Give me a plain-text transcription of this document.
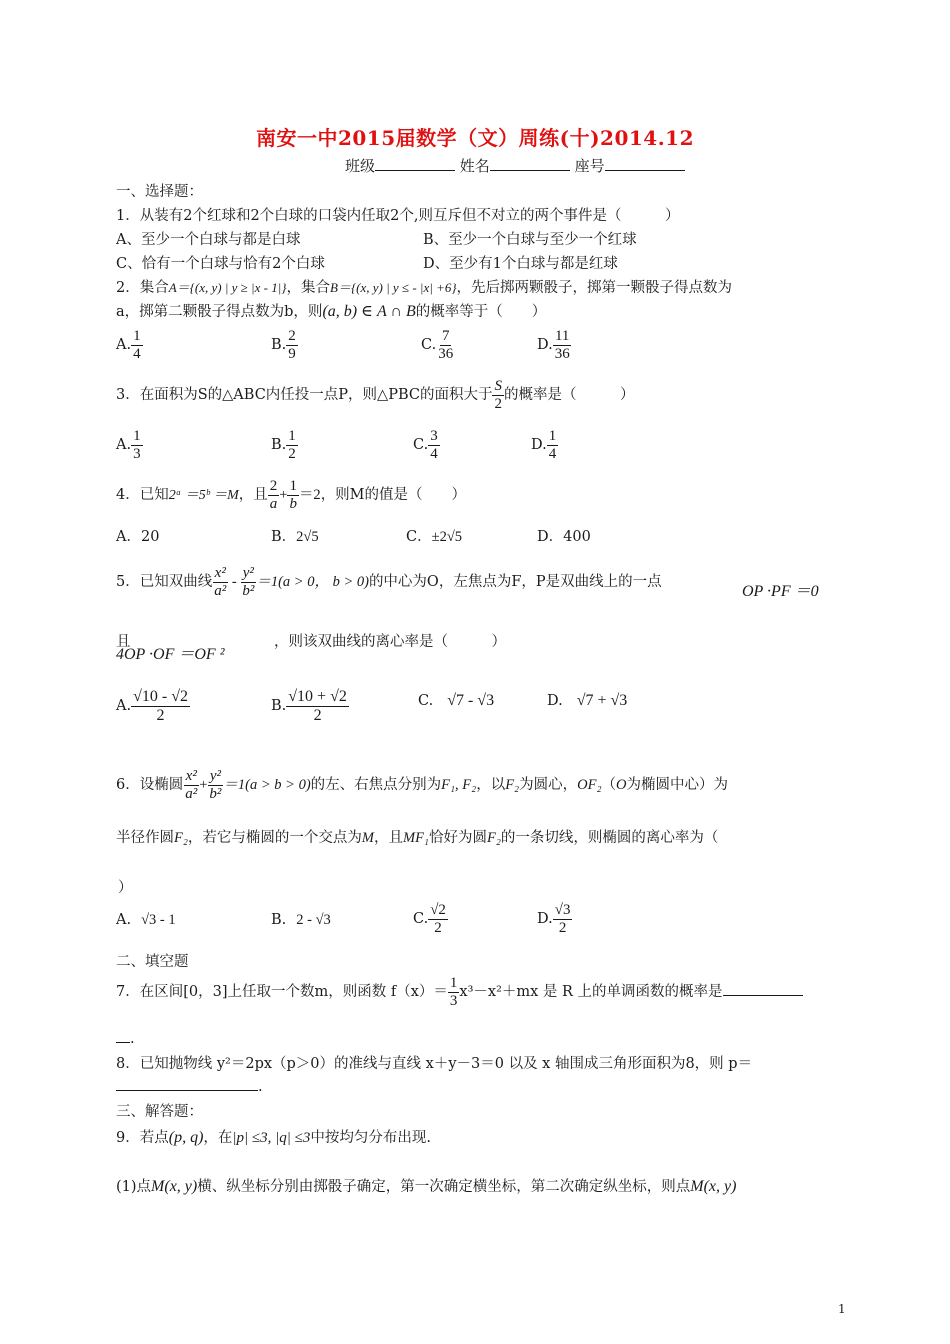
南安一中2015届数学（文）周练(十)2014.12
班级	姓名	座号
一、选择题：
1．从装有2个红球和2个白球的口袋内任取2个,则互斥但不对立的两个事件是（　　　）
A、至少一个白球与都是白球	B、至少一个白球与至少一个红球
C、恰有一个白球与恰有2个白球	D、至少有1个白球与都是红球
2．集合A＝{(x, y) | y ≥ |x - 1|}，集合B＝{(x, y) | y ≤ - |x| +6}，先后掷两颗骰子，掷第一颗骰子得点数为
a，掷第二颗骰子得点数为b，则(a, b) ∈ A ∩ B的概率等于（　　）
A. $\frac{1}{4}$	B. $\frac{2}{9}$	C. $\frac{7}{36}$	D. $\frac{11}{36}$
3．在面积为S的△ABC内任投一点P，则△PBC的面积大于 $\frac{S}{2}$ 的概率是（　　　）
A. $\frac{1}{3}$	B. $\frac{1}{2}$	C. $\frac{3}{4}$	D. $\frac{1}{4}$
4．已知2ᵃ ＝5ᵇ ＝M，且 $\frac{2}{a} + \frac{1}{b} =2$，则M的值是（　　）
A．20	B．2√5	C．±2√5	D．400
5．已知双曲线 $\frac{\text{x²}}{\text{a²}} - \frac{\text{y²}}{\text{b²}} =1(a > 0$， b > 0)的中心为O，左焦点为F，P是双曲线上的一点
OP ·PF ＝0
且
4OP ·OF ＝OF ²
，则该双曲线的离心率是（　　　）
A. $\frac{√10 - √2}{2}$	B. $\frac{√10 + √2}{2}$	C. √7 - √3	D. √7 + √3
6．设椭圆 $\frac{\text{x²}}{\text{a²}} + \frac{\text{y²}}{\text{b²}} =1(a > b > 0)$的左、右焦点分别为F₁, F₂，以F₂为圆心，OF₂（O为椭圆中心）为
半径作圆F₂，若它与椭圆的一个交点为M，且MF₁恰好为圆F₂的一条切线，则椭圆的离心率为（
）
A. √3 - 1	B. 2 - √3	C. $\frac{√2}{2}$	D. $\frac{√3}{2}$
二、填空题
7．在区间[0，3]上任取一个数m，则函数 $f(x)= \frac{1}{3} x^3-x^2+mx$ 是 R 上的单调函数的概率是
.
8．已知抛物线 y²＝2px（p＞0）的准线与直线 x＋y－3＝0 以及 x 轴围成三角形面积为8，则 p＝
.
三、解答题：
9．若点(p, q)，在|p| ≤3, |q| ≤3中按均匀分布出现.
(1)点M(x, y)横、纵坐标分别由掷骰子确定，第一次确定横坐标，第二次确定纵坐标，则点M(x, y)
1
